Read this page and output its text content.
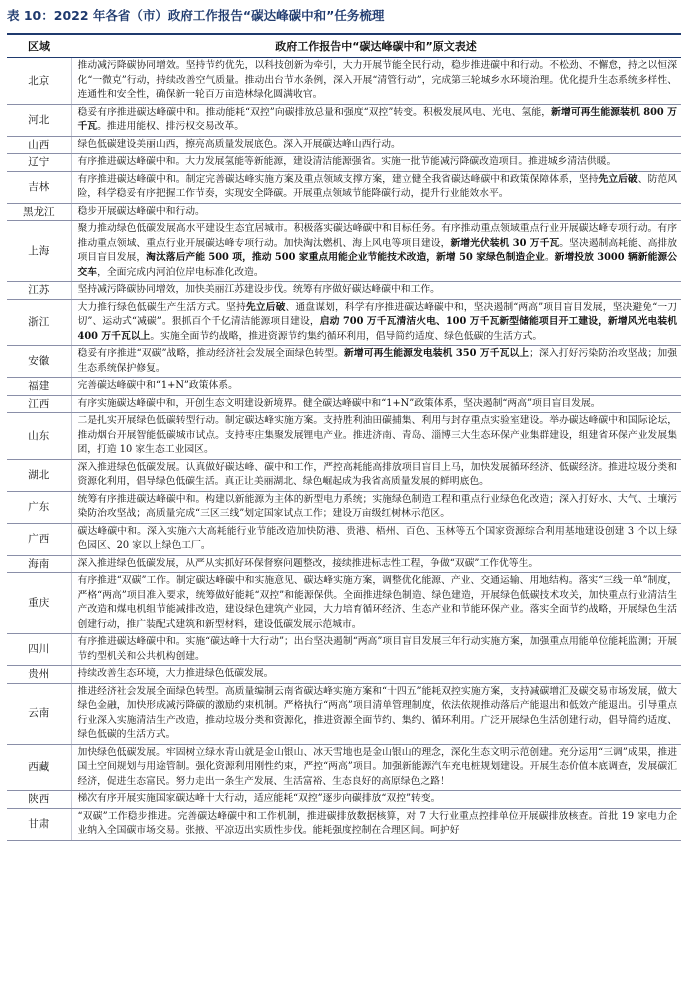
表 10：2022 年各省（市）政府工作报告“碳达峰碳中和”任务梳理
区域	政府工作报告中“碳达峰碳中和”原文表述
北京	推动减污降碳协同增效。坚持节约优先，以科技创新为牵引，大力开展节能全民行动，稳步推进碳中和行动。不松劲、不懈怠，持之以恒深化“一微克”行动，持续改善空气质量。推动出台节水条例，深入开展“清管行动”，完成第三轮城乡水环境治理。优化提升生态系统多样性、连通性和安全性，确保新一轮百万亩造林绿化圆满收官。
河北	稳妥有序推进碳达峰碳中和。推动能耗“双控”向碳排放总量和强度“双控”转变。积极发展风电、光电、氢能，新增可再生能源装机 800 万千瓦。推进用能权、排污权交易改革。
山西	绿色低碳建设美丽山西，擦亮高质量发展底色。深入开展碳达峰山西行动。
辽宁	有序推进碳达峰碳中和。大力发展氢能等新能源，建设清洁能源强省。实施一批节能减污降碳改造项目。推进城乡清洁供暖。
吉林	有序推进碳达峰碳中和。制定完善碳达峰实施方案及重点领域支撑方案，建立健全我省碳达峰碳中和政策保障体系，坚持先立后破、防范风险，科学稳妥有序把握工作节奏，实现安全降碳。开展重点领域节能降碳行动，提升行业能效水平。
黑龙江	稳步开展碳达峰碳中和行动。
上海	聚力推动绿色低碳发展高水平建设生态宜居城市。积极落实碳达峰碳中和目标任务。有序推动重点领域重点行业开展碳达峰专项行动。有序推动重点领域、重点行业开展碳达峰专项行动。加快淘汰燃机、海上风电等项目建设，新增光伏装机 30 万千瓦。坚决遏制高耗能、高排放项目盲目发展，淘汰落后产能 500 项，推动 500 家重点用能企业节能技术改造，新增 50 家绿色制造企业。新增投放 3000 辆新能源公交车，全面完成内河泊位岸电标准化改造。
江苏	坚持减污降碳协同增效，加快美丽江苏建设步伐。统筹有序做好碳达峰碳中和工作。
浙江	大力推行绿色低碳生产生活方式。坚持先立后破、通盘谋划，科学有序推进碳达峰碳中和，坚决遏制“两高”项目盲目发展，坚决避免“一刀切”、运动式“减碳”。狠抓百个千亿清洁能源项目建设，启动 700 万千瓦清洁火电、100 万千瓦新型储能项目开工建设，新增风光电装机 400 万千瓦以上。实施全面节约战略，推进资源节约集约循环利用，倡导简约适度、绿色低碳的生活方式。
安徽	稳妥有序推进“双碳”战略，推动经济社会发展全面绿色转型。新增可再生能源发电装机 350 万千瓦以上；深入打好污染防治攻坚战；加强生态系统保护修复。
福建	完善碳达峰碳中和“1+N”政策体系。
江西	有序实施碳达峰碳中和，开创生态文明建设新境界。健全碳达峰碳中和“1+N”政策体系，坚决遏制“两高”项目盲目发展。
山东	二是扎实开展绿色低碳转型行动。制定碳达峰实施方案。支持胜利油田碳捕集、利用与封存重点实验室建设。举办碳达峰碳中和国际论坛，推动烟台开展智能低碳城市试点。支持枣庄集聚发展锂电产业。推进济南、青岛、淄博三大生态环保产业集群建设，组建省环保产业发展集团，打造 10 家生态工业园区。
湖北	深入推进绿色低碳发展。认真做好碳达峰、碳中和工作，严控高耗能高排放项目盲目上马，加快发展循环经济、低碳经济。推进垃圾分类和资源化利用，倡导绿色低碳生活。真正让美丽湖北、绿色崛起成为我省高质量发展的鲜明底色。
广东	统筹有序推进碳达峰碳中和。构建以新能源为主体的新型电力系统；实施绿色制造工程和重点行业绿色化改造；深入打好水、大气、土壤污染防治攻坚战；高质量完成“三区三线”划定国家试点工作；建设万亩级红树林示范区。
广西	碳达峰碳中和。深入实施六大高耗能行业节能改造加快防港、贵港、梧州、百色、玉林等五个国家资源综合利用基地建设创建 3 个以上绿色园区、20 家以上绿色工厂。
海南	深入推进绿色低碳发展，从严从实抓好环保督察问题整改，接续推进标志性工程，争做“双碳”工作优等生。
重庆	有序推进“双碳”工作。制定碳达峰碳中和实施意见、碳达峰实施方案，调整优化能源、产业、交通运输、用地结构。落实“三线一单”制度，严格“两高”项目准入要求，统筹做好能耗“双控”和能源保供。全面推进绿色制造、绿色建造，开展绿色低碳技术攻关，加快重点行业清洁生产改造和煤电机组节能减排改造，建设绿色建筑产业园，大力培育循环经济、生态产业和节能环保产业。落实全面节约战略，开展绿色生活创建行动，推广装配式建筑和新型材料，建设低碳发展示范城市。
四川	有序推进碳达峰碳中和。实施“碳达峰十大行动”；出台坚决遏制“两高”项目盲目发展三年行动实施方案，加强重点用能单位能耗监测；开展节约型机关和公共机构创建。
贵州	持续改善生态环境，大力推进绿色低碳发展。
云南	推进经济社会发展全面绿色转型。高质量编制云南省碳达峰实施方案和“十四五”能耗双控实施方案，支持减碳增汇及碳交易市场发展，做大绿色金融，加快形成减污降碳的激励约束机制。严格执行“两高”项目清单管理制度，依法依规推动落后产能退出和低效产能退出。引导重点行业深入实施清洁生产改造，推动垃圾分类和资源化，推进资源全面节约、集约、循环利用。广泛开展绿色生活创建行动，倡导简约适度、绿色低碳的生活方式。
西藏	加快绿色低碳发展。牢固树立绿水青山就是金山银山、冰天雪地也是金山银山的理念，深化生态文明示范创建。充分运用“三调”成果，推进国土空间规划与用途管制。强化资源利用刚性约束，严控“两高”项目。加强新能源汽车充电桩规划建设。开展生态价值本底调查，发展碳汇经济，促进生态富民。努力走出一条生产发展、生活富裕、生态良好的高原绿色之路！
陕西	梯次有序开展实施国家碳达峰十大行动，适应能耗“双控”逐步向碳排放“双控”转变。
甘肃	“双碳”工作稳步推进。完善碳达峰碳中和工作机制，推进碳排放数据核算，对 7 大行业重点控排单位开展碳排放核查。首批 19 家电力企业纳入全国碳市场交易。张掖、平凉迈出实质性步伐。能耗强度控制在合理区间。呵护好
